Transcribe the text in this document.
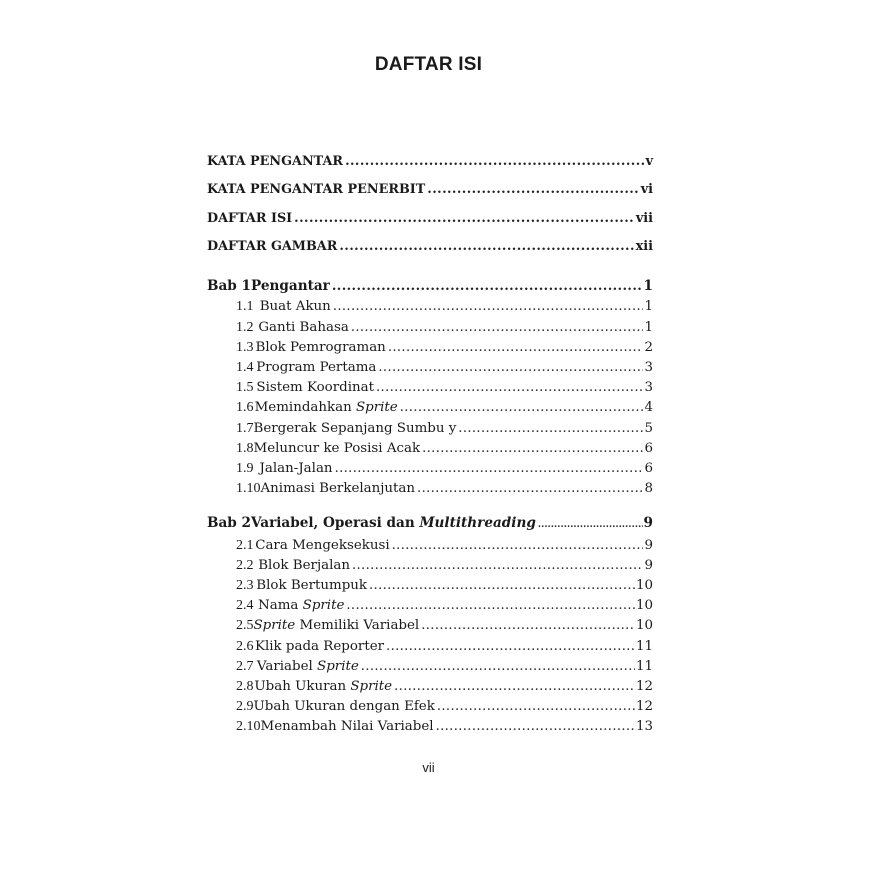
DAFTAR ISI
KATA PENGANTAR .....	v
KATA PENGANTAR PENERBIT .....	vi
DAFTAR ISI .....	vii
DAFTAR GAMBAR .....	xii
Bab 1 Pengantar .....	1
1.1 Buat Akun .....	1
1.2 Ganti Bahasa .....	1
1.3 Blok Pemrograman .....	2
1.4 Program Pertama .....	3
1.5 Sistem Koordinat .....	3
1.6 Memindahkan Sprite .....	4
1.7 Bergerak Sepanjang Sumbu y .....	5
1.8 Meluncur ke Posisi Acak .....	6
1.9 Jalan-Jalan .....	6
1.10 Animasi Berkelanjutan .....	8
Bab 2 Variabel, Operasi dan Multithreading .....	9
2.1 Cara Mengeksekusi .....	9
2.2 Blok Berjalan .....	9
2.3 Blok Bertumpuk .....	10
2.4 Nama Sprite .....	10
2.5 Sprite Memiliki Variabel .....	10
2.6 Klik pada Reporter .....	11
2.7 Variabel Sprite .....	11
2.8 Ubah Ukuran Sprite .....	12
2.9 Ubah Ukuran dengan Efek .....	12
2.10 Menambah Nilai Variabel .....	13
vii
